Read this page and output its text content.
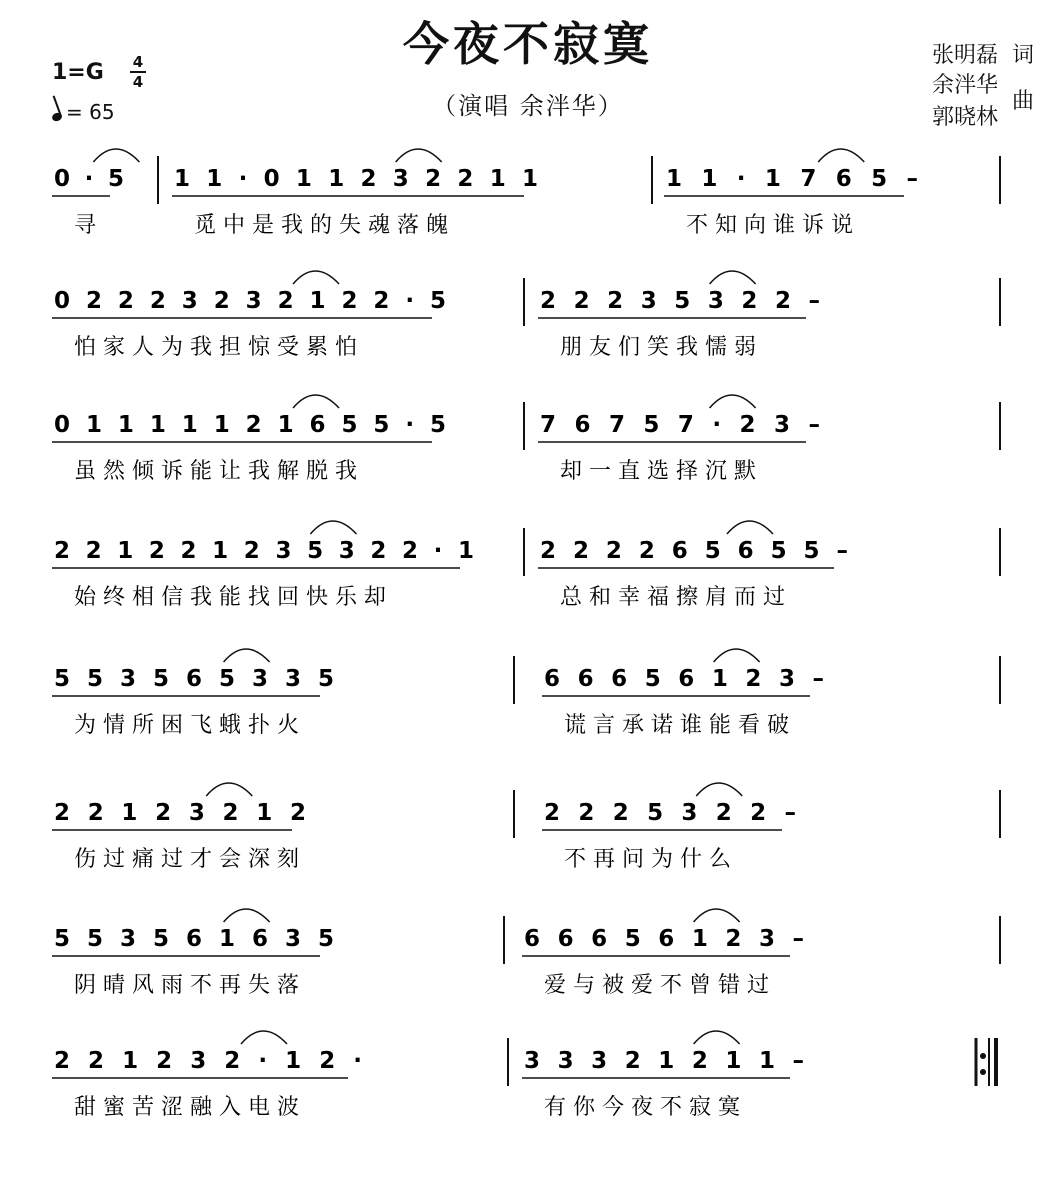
今夜不寂寞
（演唱 余泮华）
1=G 4
4
= 65
张明磊 词
余泮华
曲
郭晓林
0 · 5
寻
1 1 · 0 1 1 2 3 2 2 1 1
觅 中 是 我 的 失 魂 落 魄
1 1 · 1 7 6 5 –
不 知 向 谁 诉 说
0 2 2 2 3 2 3 2 1 2 2 · 5
怕 家 人 为 我 担 惊 受 累 怕
2 2 2 3 5 3 2 2 –
朋 友 们 笑 我 懦 弱
0 1 1 1 1 1 2 1 6 5 5 · 5
虽 然 倾 诉 能 让 我 解 脱 我
7 6 7 5 7 · 2 3 –
却 一 直 选 择 沉 默
2 2 1 2 2 1 2 3 5 3 2 2 · 1
始 终 相 信 我 能 找 回 快 乐 却
2 2 2 2 6 5 6 5 5 –
总 和 幸 福 擦 肩 而 过
5 5 3 5 6 5 3 3 5
为 情 所 困 飞 蛾 扑 火
6 6 6 5 6 1 2 3 –
谎 言 承 诺 谁 能 看 破
2 2 1 2 3 2 1 2
伤 过 痛 过 才 会 深 刻
2 2 2 5 3 2 2 –
不 再 问 为 什 么
5 5 3 5 6 1 6 3 5
阴 晴 风 雨 不 再 失 落
6 6 6 5 6 1 2 3 –
爱 与 被 爱 不 曾 错 过
2 2 1 2 3 2 · 1 2 ·
甜 蜜 苦 涩 融 入 电 波
3 3 3 2 1 2 1 1 –
有 你 今 夜 不 寂 寞
